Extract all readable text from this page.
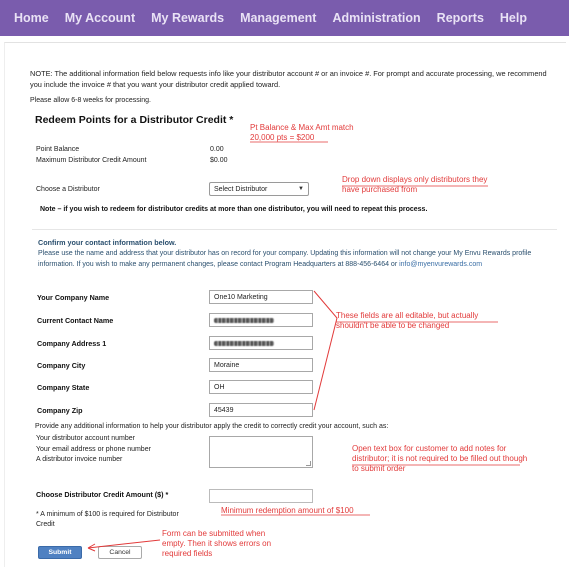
Home My Account My Rewards Management Administration Reports Help
NOTE: The additional information field below requests info like your distributor account # or an invoice #. For prompt and accurate processing, we recommend you include the invoice # that you want your distributor credit applied toward.
Please allow 6-8 weeks for processing.
Redeem Points for a Distributor Credit *
Point Balance	0.00
Maximum Distributor Credit Amount	$0.00
Choose a Distributor	Select Distributor	▼
Note – if you wish to redeem for distributor credits at more than one distributor, you will need to repeat this process.
Confirm your contact information below.
Please use the name and address that your distributor has on record for your company. Updating this information will not change your My Envu Rewards profile information. If you wish to make any permanent changes, please contact Program Headquarters at 888-456-6464 or info@myenvurewards.com
Your Company Name	One10 Marketing
Current Contact Name
Company Address 1
Company City	Moraine
Company State	OH
Company Zip	45439
Provide any additional information to help your distributor apply the credit to correctly credit your account, such as:
Your distributor account number
Your email address or phone number
A distributor invoice number
Choose Distributor Credit Amount ($) *
* A minimum of $100 is required for Distributor Credit
Submit	Cancel
Pt Balance & Max Amt match
20,000 pts = $200
Drop down displays only distributors they have purchased from
These fields are all editable, but actually shouldn't be able to be changed
Open text box for customer to add notes for distributor; it is not required to be filled out though to submit order
Minimum redemption amount of $100
Form can be submitted when empty. Then it shows errors on required fields
